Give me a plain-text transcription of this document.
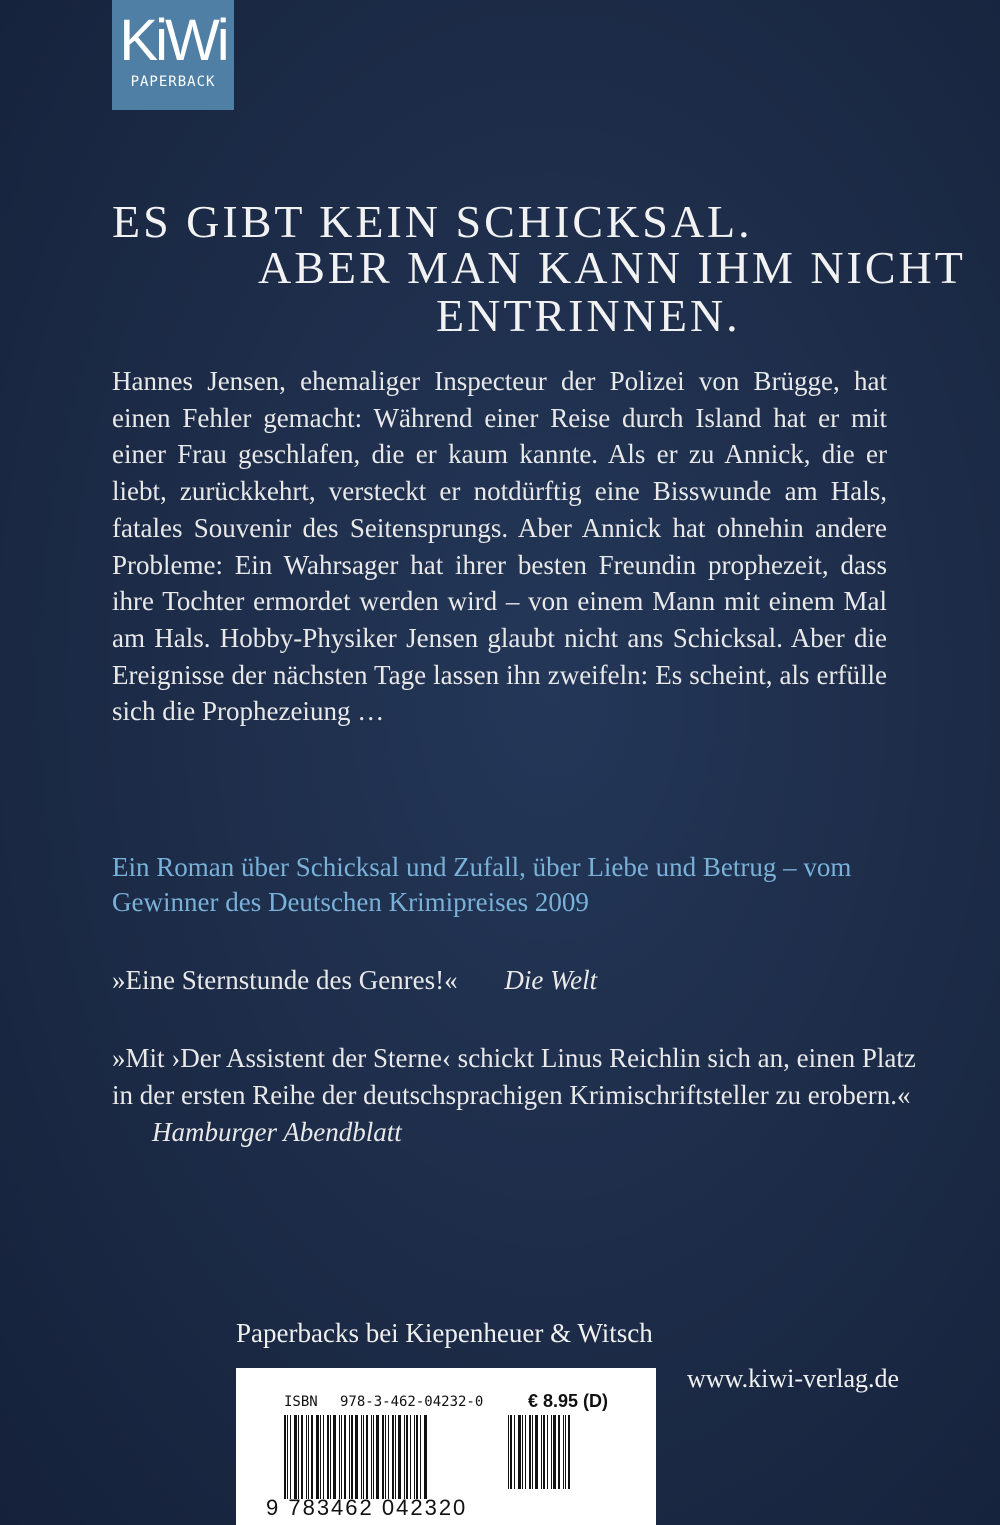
KiWi
PAPERBACK
ES GIBT KEIN SCHICKSAL.
ABER MAN KANN IHM NICHT
ENTRINNEN.

Hannes Jensen, ehemaliger Inspecteur der Polizei von Brügge, hat einen Fehler gemacht: Während einer Reise durch Island hat er mit einer Frau geschlafen, die er kaum kannte. Als er zu Annick, die er liebt, zurückkehrt, versteckt er notdürftig eine Bisswunde am Hals, fatales Souvenir des Seitensprungs. Aber Annick hat ohnehin andere Probleme: Ein Wahrsager hat ihrer besten Freundin prophezeit, dass ihre Tochter ermordet werden wird – von einem Mann mit einem Mal am Hals. Hobby-Physiker Jensen glaubt nicht ans Schicksal. Aber die Ereignisse der nächsten Tage lassen ihn zweifeln: Es scheint, als erfülle sich die Prophezeiung …

Ein Roman über Schicksal und Zufall, über Liebe und Betrug – vom Gewinner des Deutschen Krimipreises 2009

»Eine Sternstunde des Genres!« Die Welt

»Mit ›Der Assistent der Sterne‹ schickt Linus Reichlin sich an, einen Platz in der ersten Reihe der deutschsprachigen Krimischriftsteller zu erobern.« Hamburger Abendblatt

Paperbacks bei Kiepenheuer & Witsch
www.kiwi-verlag.de
ISBN 978-3-462-04232-0 € 8.95 (D)
9 783462 042320
